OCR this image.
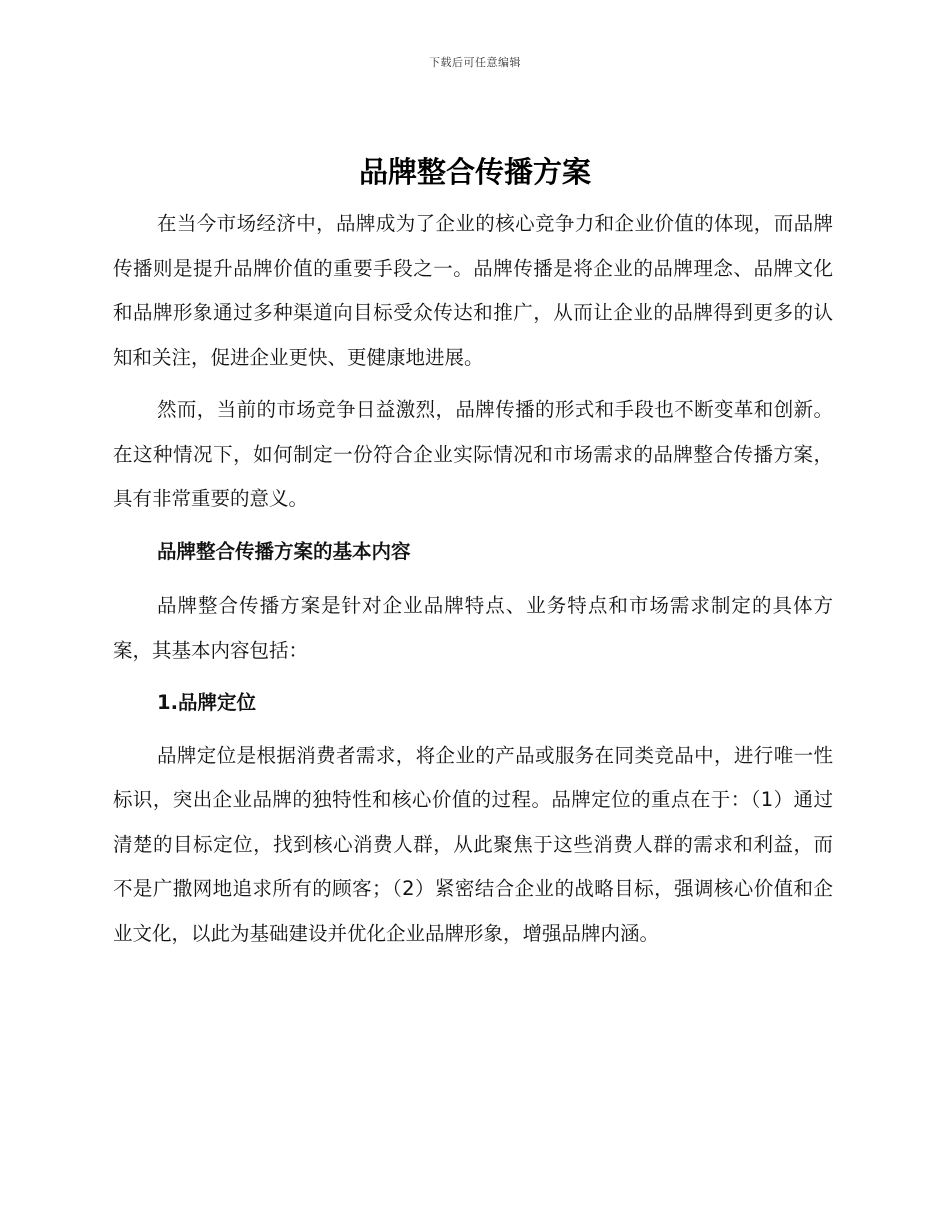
下载后可任意编辑
品牌整合传播方案

在当今市场经济中，品牌成为了企业的核心竞争力和企业价值的体现，而品牌传播则是提升品牌价值的重要手段之一。品牌传播是将企业的品牌理念、品牌文化和品牌形象通过多种渠道向目标受众传达和推广，从而让企业的品牌得到更多的认知和关注，促进企业更快、更健康地进展。

然而，当前的市场竞争日益激烈，品牌传播的形式和手段也不断变革和创新。在这种情况下，如何制定一份符合企业实际情况和市场需求的品牌整合传播方案，具有非常重要的意义。

品牌整合传播方案的基本内容

品牌整合传播方案是针对企业品牌特点、业务特点和市场需求制定的具体方案，其基本内容包括：

1.品牌定位

品牌定位是根据消费者需求，将企业的产品或服务在同类竞品中，进行唯一性标识，突出企业品牌的独特性和核心价值的过程。品牌定位的重点在于：（1）通过清楚的目标定位，找到核心消费人群，从此聚焦于这些消费人群的需求和利益，而不是广撒网地追求所有的顾客；（2）紧密结合企业的战略目标，强调核心价值和企业文化，以此为基础建设并优化企业品牌形象，增强品牌内涵。
